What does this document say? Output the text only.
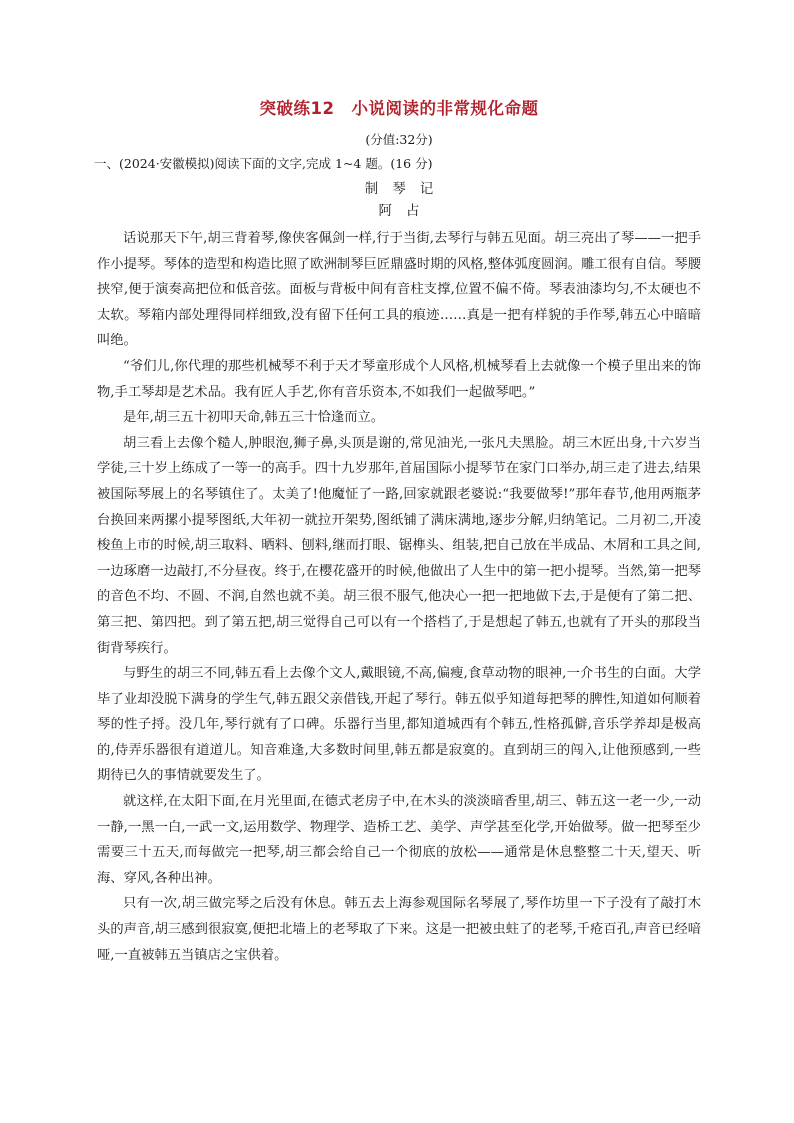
突破练12　小说阅读的非常规化命题
(分值:32分)
一、(2024·安徽模拟)阅读下面的文字,完成 1~4 题。(16 分)
制琴记
阿占

话说那天下午,胡三背着琴,像侠客佩剑一样,行于当街,去琴行与韩五见面。胡三亮出了琴——一把手作小提琴。琴体的造型和构造比照了欧洲制琴巨匠鼎盛时期的风格,整体弧度圆润。雕工很有自信。琴腰挟窄,便于演奏高把位和低音弦。面板与背板中间有音柱支撑,位置不偏不倚。琴表油漆均匀,不太硬也不太软。琴箱内部处理得同样细致,没有留下任何工具的痕迹……真是一把有样貌的手作琴,韩五心中暗暗叫绝。

“爷们儿,你代理的那些机械琴不利于天才琴童形成个人风格,机械琴看上去就像一个模子里出来的饰物,手工琴却是艺术品。我有匠人手艺,你有音乐资本,不如我们一起做琴吧。”

是年,胡三五十初叩天命,韩五三十恰逢而立。

胡三看上去像个糙人,肿眼泡,狮子鼻,头顶是谢的,常见油光,一张凡夫黑脸。胡三木匠出身,十六岁当学徒,三十岁上练成了一等一的高手。四十九岁那年,首届国际小提琴节在家门口举办,胡三走了进去,结果被国际琴展上的名琴镇住了。太美了!他魔怔了一路,回家就跟老婆说:“我要做琴!”那年春节,他用两瓶茅台换回来两摞小提琴图纸,大年初一就拉开架势,图纸铺了满床满地,逐步分解,归纳笔记。二月初二,开凌梭鱼上市的时候,胡三取料、晒料、刨料,继而打眼、锯榫头、组装,把自己放在半成品、木屑和工具之间,一边琢磨一边敲打,不分昼夜。终于,在樱花盛开的时候,他做出了人生中的第一把小提琴。当然,第一把琴的音色不均、不圆、不润,自然也就不美。胡三很不服气,他决心一把一把地做下去,于是便有了第二把、第三把、第四把。到了第五把,胡三觉得自己可以有一个搭档了,于是想起了韩五,也就有了开头的那段当街背琴疾行。

与野生的胡三不同,韩五看上去像个文人,戴眼镜,不高,偏瘦,食草动物的眼神,一介书生的白面。大学毕了业却没脱下满身的学生气,韩五跟父亲借钱,开起了琴行。韩五似乎知道每把琴的脾性,知道如何顺着琴的性子捋。没几年,琴行就有了口碑。乐器行当里,都知道城西有个韩五,性格孤僻,音乐学养却是极高的,侍弄乐器很有道道儿。知音难逢,大多数时间里,韩五都是寂寞的。直到胡三的闯入,让他预感到,一些期待已久的事情就要发生了。

就这样,在太阳下面,在月光里面,在德式老房子中,在木头的淡淡暗香里,胡三、韩五这一老一少,一动一静,一黑一白,一武一文,运用数学、物理学、造桥工艺、美学、声学甚至化学,开始做琴。做一把琴至少需要三十五天,而每做完一把琴,胡三都会给自己一个彻底的放松——通常是休息整整二十天,望天、听海、穿风,各种出神。

只有一次,胡三做完琴之后没有休息。韩五去上海参观国际名琴展了,琴作坊里一下子没有了敲打木头的声音,胡三感到很寂寞,便把北墙上的老琴取了下来。这是一把被虫蛀了的老琴,千疮百孔,声音已经喑哑,一直被韩五当镇店之宝供着。
